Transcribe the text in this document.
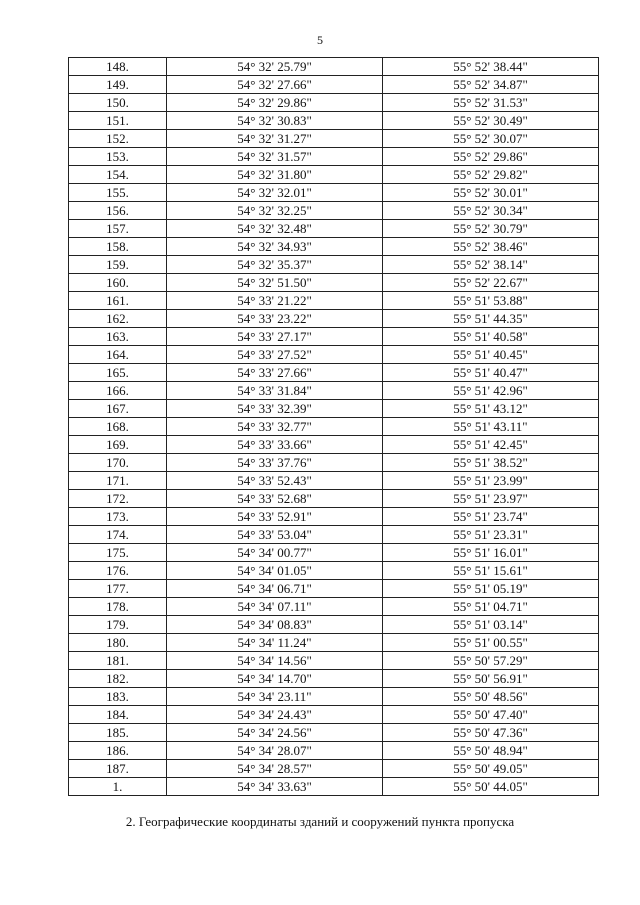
5
148.	54° 32' 25.79"	55° 52' 38.44"
149.	54° 32' 27.66"	55° 52' 34.87"
150.	54° 32' 29.86"	55° 52' 31.53"
151.	54° 32' 30.83"	55° 52' 30.49"
152.	54° 32' 31.27"	55° 52' 30.07"
153.	54° 32' 31.57"	55° 52' 29.86"
154.	54° 32' 31.80"	55° 52' 29.82"
155.	54° 32' 32.01"	55° 52' 30.01"
156.	54° 32' 32.25"	55° 52' 30.34"
157.	54° 32' 32.48"	55° 52' 30.79"
158.	54° 32' 34.93"	55° 52' 38.46"
159.	54° 32' 35.37"	55° 52' 38.14"
160.	54° 32' 51.50"	55° 52' 22.67"
161.	54° 33' 21.22"	55° 51' 53.88"
162.	54° 33' 23.22"	55° 51' 44.35"
163.	54° 33' 27.17"	55° 51' 40.58"
164.	54° 33' 27.52"	55° 51' 40.45"
165.	54° 33' 27.66"	55° 51' 40.47"
166.	54° 33' 31.84"	55° 51' 42.96"
167.	54° 33' 32.39"	55° 51' 43.12"
168.	54° 33' 32.77"	55° 51' 43.11"
169.	54° 33' 33.66"	55° 51' 42.45"
170.	54° 33' 37.76"	55° 51' 38.52"
171.	54° 33' 52.43"	55° 51' 23.99"
172.	54° 33' 52.68"	55° 51' 23.97"
173.	54° 33' 52.91"	55° 51' 23.74"
174.	54° 33' 53.04"	55° 51' 23.31"
175.	54° 34' 00.77"	55° 51' 16.01"
176.	54° 34' 01.05"	55° 51' 15.61"
177.	54° 34' 06.71"	55° 51' 05.19"
178.	54° 34' 07.11"	55° 51' 04.71"
179.	54° 34' 08.83"	55° 51' 03.14"
180.	54° 34' 11.24"	55° 51' 00.55"
181.	54° 34' 14.56"	55° 50' 57.29"
182.	54° 34' 14.70"	55° 50' 56.91"
183.	54° 34' 23.11"	55° 50' 48.56"
184.	54° 34' 24.43"	55° 50' 47.40"
185.	54° 34' 24.56"	55° 50' 47.36"
186.	54° 34' 28.07"	55° 50' 48.94"
187.	54° 34' 28.57"	55° 50' 49.05"
1.	54° 34' 33.63"	55° 50' 44.05"
2. Географические координаты зданий и сооружений пункта пропуска
